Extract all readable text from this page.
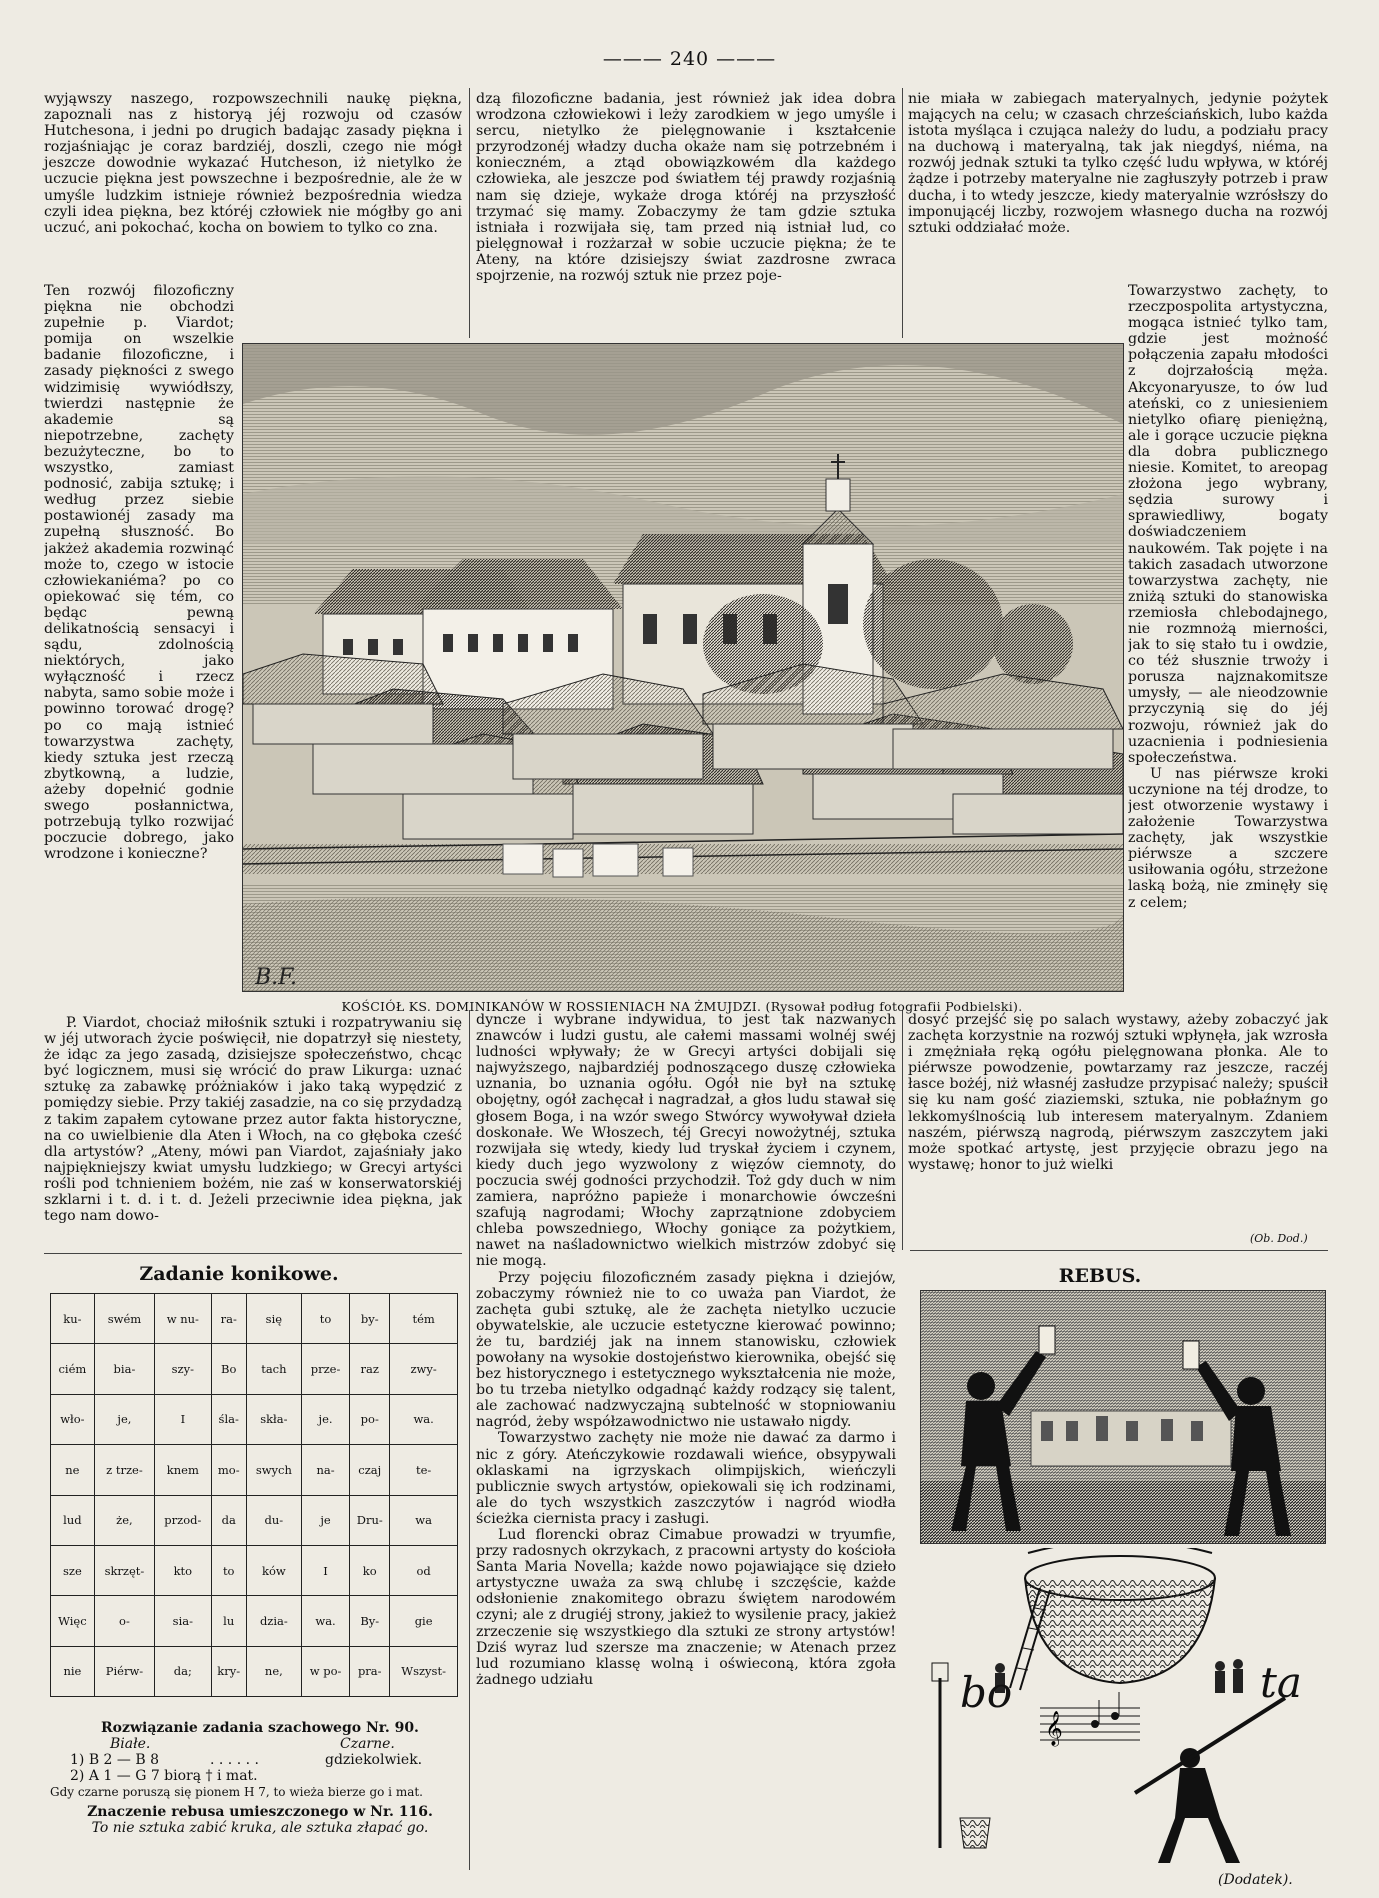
——— 240 ———

wyjąwszy naszego, rozpowszechnili naukę piękna, zapoznali nas z historyą jéj rozwoju od czasów Hutchesona, i jedni po drugich badając zasady piękna i rozjaśniając je coraz bardziéj, doszli, czego nie mógł jeszcze dowodnie wykazać Hutcheson, iż nietylko że uczucie piękna jest powszechne i bezpośrednie, ale że w umyśle ludzkim istnieje również bezpośrednia wiedza czyli idea piękna, bez któréj człowiek nie mógłby go ani uczuć, ani pokochać, kocha on bowiem to tylko co zna.

Ten rozwój filozoficzny piękna nie obchodzi zupełnie p. Viardot; pomija on wszelkie badanie filozoficzne, i zasady piękności z swego widzimisię wywiódłszy, twierdzi następnie że akademie są niepotrzebne, zachęty bezużyteczne, bo to wszystko, zamiast podnosić, zabija sztukę; i według przez siebie postawionéj zasady ma zupełną słuszność. Bo jakżeż akademia rozwinąć może to, czego w istocie człowiekaniéma? po co opiekować się tém, co będąc pewną delikatnością sensacyi i sądu, zdolnością niektórych, jako wyłączność i rzecz nabyta, samo sobie może i powinno torować drogę? po co mają istnieć towarzystwa zachęty, kiedy sztuka jest rzeczą zbytkowną, a ludzie, ażeby dopełnić godnie swego posłannictwa, potrzebują tylko rozwijać poczucie dobrego, jako wrodzone i konieczne?

P. Viardot, chociaż miłośnik sztuki i rozpatrywaniu się w jéj utworach życie poświęcił, nie dopatrzył się niestety, że idąc za jego zasadą, dzisiejsze społeczeństwo, chcąc być logicznem, musi się wrócić do praw Likurga: uznać sztukę za zabawkę próżniaków i jako taką wypędzić z pomiędzy siebie. Przy takiéj zasadzie, na co się przydadzą z takim zapałem cytowane przez autor fakta historyczne, na co uwielbienie dla Aten i Włoch, na co głęboka cześć dla artystów? „Ateny, mówi pan Viardot, zajaśniały jako najpiękniejszy kwiat umysłu ludzkiego; w Grecyi artyści rośli pod tchnieniem bożém, nie zaś w konserwatorskiéj szklarni i t. d. i t. d. Jeżeli przeciwnie idea piękna, jak tego nam dowo-

dzą filozoficzne badania, jest również jak idea dobra wrodzona człowiekowi i leży zarodkiem w jego umyśle i sercu, nietylko że pielęgnowanie i kształcenie przyrodzonéj władzy ducha okaże nam się potrzebném i konieczném, a ztąd obowiązkowém dla każdego człowieka, ale jeszcze pod światłem téj prawdy rozjaśnią nam się dzieje, wykaże droga któréj na przyszłość trzymać się mamy. Zobaczymy że tam gdzie sztuka istniała i rozwijała się, tam przed nią istniał lud, co pielęgnował i rozżarzał w sobie uczucie piękna; że te Ateny, na które dzisiejszy świat zazdrosne zwraca spojrzenie, na rozwój sztuk nie przez poje-

nie miała w zabiegach materyalnych, jedynie pożytek mających na celu; w czasach chrześciańskich, lubo każda istota myśląca i czująca należy do ludu, a podziału pracy na duchową i materyalną, tak jak niegdyś, niéma, na rozwój jednak sztuki ta tylko część ludu wpływa, w któréj żądze i potrzeby materyalne nie zagłuszyły potrzeb i praw ducha, i to wtedy jeszcze, kiedy materyalnie wzrósłszy do imponującéj liczby, rozwojem własnego ducha na rozwój sztuki oddziałać może.

Towarzystwo zachęty, to rzeczpospolita artystyczna, mogąca istnieć tylko tam, gdzie jest możność połączenia zapału młodości z dojrzałością męża. Akcyonaryusze, to ów lud ateński, co z uniesieniem nietylko ofiarę pieniężną, ale i gorące uczucie piękna dla dobra publicznego niesie. Komitet, to areopag złożona jego wybrany, sędzia surowy i sprawiedliwy, bogaty doświadczeniem naukowém. Tak pojęte i na takich zasadach utworzone towarzystwa zachęty, nie zniżą sztuki do stanowiska rzemiosła chlebodajnego, nie rozmnożą mierności, jak to się stało tu i owdzie, co téż słusznie trwoży i porusza najznakomitsze umysły, — ale nieodzownie przyczynią się do jéj rozwoju, również jak do uzacnienia i podniesienia społeczeństwa.

U nas piérwsze kroki uczynione na téj drodze, to jest otworzenie wystawy i założenie Towarzystwa zachęty, jak wszystkie piérwsze a szczere usiłowania ogółu, strzeżone laską bożą, nie zminęły się z celem;

B.F.
KOŚCIÓŁ KS. DOMINIKANÓW W ROSSIENIACH NA ŻMUJDZI. (Rysował podług fotografii Podbielski).

dyncze i wybrane indywidua, to jest tak nazwanych znawców i ludzi gustu, ale całemi massami wolnéj swéj ludności wpływały; że w Grecyi artyści dobijali się najwyższego, najbardziéj podnoszącego duszę człowieka uznania, bo uznania ogółu. Ogół nie był na sztukę obojętny, ogół zachęcał i nagradzał, a głos ludu stawał się głosem Boga, i na wzór swego Stwórcy wywoływał dzieła doskonałe. We Włoszech, téj Grecyi nowożytnéj, sztuka rozwijała się wtedy, kiedy lud tryskał życiem i czynem, kiedy duch jego wyzwolony z więzów ciemnoty, do poczucia swéj godności przychodził. Toż gdy duch w nim zamiera, napróżno papieże i monarchowie ówcześni szafują nagrodami; Włochy zaprzątnione zdobyciem chleba powszedniego, Włochy goniące za pożytkiem, nawet na naśladownictwo wielkich mistrzów zdobyć się nie mogą.

Przy pojęciu filozoficzném zasady piękna i dziejów, zobaczymy również nie to co uważa pan Viardot, że zachęta gubi sztukę, ale że zachęta nietylko uczucie obywatelskie, ale uczucie estetyczne kierować powinno; że tu, bardziéj jak na innem stanowisku, człowiek powołany na wysokie dostojeństwo kierownika, obejść się bez historycznego i estetycznego wykształcenia nie może, bo tu trzeba nietylko odgadnąć każdy rodzący się talent, ale zachować nadzwyczajną subtelność w stopniowaniu nagród, żeby współzawodnictwo nie ustawało nigdy.

Towarzystwo zachęty nie może nie dawać za darmo i nic z góry. Ateńczykowie rozdawali wieńce, obsypywali oklaskami na igrzyskach olimpijskich, wieńczyli publicznie swych artystów, opiekowali się ich rodzinami, ale do tych wszystkich zaszczytów i nagród wiodła ścieżka ciernista pracy i zasługi.

Lud florencki obraz Cimabue prowadzi w tryumfie, przy radosnych okrzykach, z pracowni artysty do kościoła Santa Maria Novella; każde nowo pojawiające się dzieło artystyczne uważa za swą chlubę i szczęście, każde odsłonienie znakomitego obrazu świętem narodowém czyni; ale z drugiéj strony, jakież to wysilenie pracy, jakież zrzeczenie się wszystkiego dla sztuki ze strony artystów! Dziś wyraz lud szersze ma znaczenie; w Atenach przez lud rozumiano klassę wolną i oświeconą, która zgoła żadnego udziału

dosyć przejść się po salach wystawy, ażeby zobaczyć jak zachęta korzystnie na rozwój sztuki wpłynęła, jak wzrosła i zmężniała ręką ogółu pielęgnowana płonka. Ale to piérwsze powodzenie, powtarzamy raz jeszcze, raczéj łasce bożéj, niż własnéj zasłudze przypisać należy; spuścił się ku nam gość ziaziemski, sztuka, nie pobłaźnym go lekkomyślnością lub interesem materyalnym. Zdaniem naszém, piérwszą nagrodą, piérwszym zaszczytem jaki może spotkać artystę, jest przyjęcie obrazu jego na wystawę; honor to już wielki

(Ob. Dod.)
Zadanie konikowe.
ku-	swém	w nu-	ra-	się	to	by-	tém
ciém	bia-	szy-	Bo	tach	prze-	raz	zwy-
wło-	je,	I	śla-	skła-	je.	po-	wa.
ne	z trze-	knem	mo-	swych	na-	czaj	te-
lud	że,	przod-	da	du-	je	Dru-	wa
sze	skrzęt-	kto	to	ków	I	ko	od
Więc	o-	sia-	lu	dzia-	wa.	By-	gie
nie	Piérw-	da;	kry-	ne,	w po-	pra-	Wszyst-
Rozwiązanie zadania szachowego Nr. 90.
Białe.	Czarne.
1) B 2 — B 8	. . . . . .	gdziekolwiek.
2) A 1 — G 7 biorą † i mat.
Gdy czarne poruszą się pionem H 7, to wieża bierze go i mat.
Znaczenie rebusa umieszczonego w Nr. 116.
To nie sztuka zabić kruka, ale sztuka złapać go.
REBUS.
𝄞
bo	ta
(Dodatek).
